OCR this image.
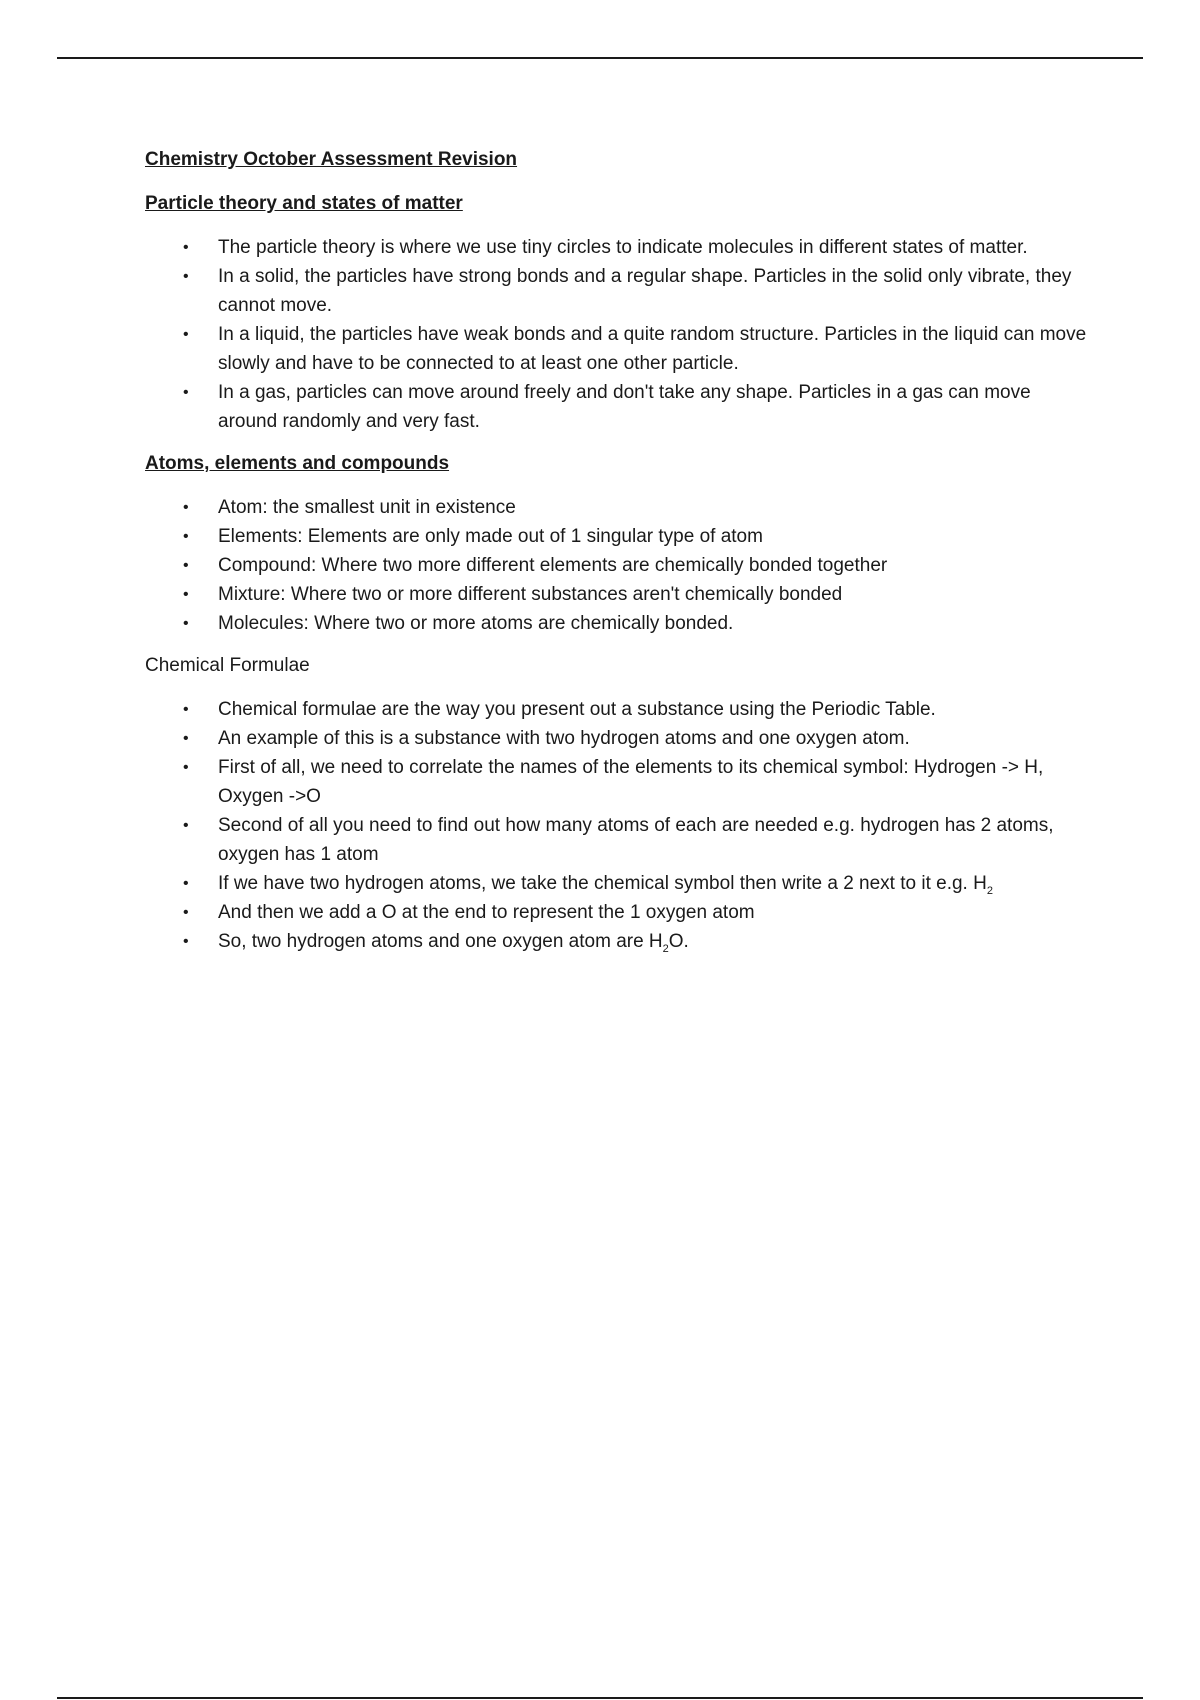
Chemistry October Assessment Revision

Particle theory and states of matter

• The particle theory is where we use tiny circles to indicate molecules in different states of matter.
• In a solid, the particles have strong bonds and a regular shape. Particles in the solid only vibrate, they cannot move.
• In a liquid, the particles have weak bonds and a quite random structure. Particles in the liquid can move slowly and have to be connected to at least one other particle.
• In a gas, particles can move around freely and don't take any shape. Particles in a gas can move around randomly and very fast.

Atoms, elements and compounds

• Atom: the smallest unit in existence
• Elements: Elements are only made out of 1 singular type of atom
• Compound: Where two more different elements are chemically bonded together
• Mixture: Where two or more different substances aren't chemically bonded
• Molecules: Where two or more atoms are chemically bonded.

Chemical Formulae

• Chemical formulae are the way you present out a substance using the Periodic Table.
• An example of this is a substance with two hydrogen atoms and one oxygen atom.
• First of all, we need to correlate the names of the elements to its chemical symbol: Hydrogen -> H, Oxygen ->O
• Second of all you need to find out how many atoms of each are needed e.g. hydrogen has 2 atoms, oxygen has 1 atom
• If we have two hydrogen atoms, we take the chemical symbol then write a 2 next to it e.g. $H_2$
• And then we add a O at the end to represent the 1 oxygen atom
• So, two hydrogen atoms and one oxygen atom are $H_2O$.
